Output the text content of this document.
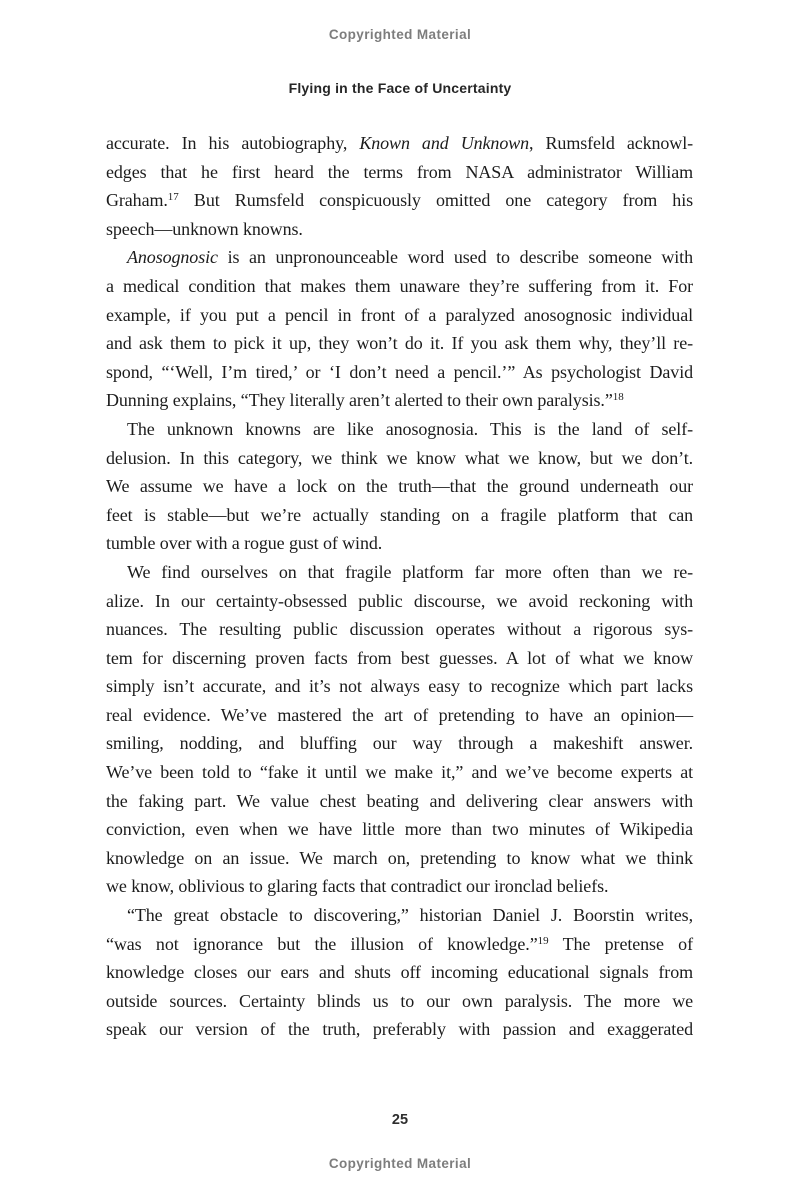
Copyrighted Material
Flying in the Face of Uncertainty
accurate. In his autobiography, Known and Unknown, Rumsfeld acknowl-
edges that he first heard the terms from NASA administrator William
Graham.$^{17}$ But Rumsfeld conspicuously omitted one category from his
speech—unknown knowns.
Anosognosic is an unpronounceable word used to describe someone with
a medical condition that makes them unaware they’re suffering from it. For
example, if you put a pencil in front of a paralyzed anosognosic individual
and ask them to pick it up, they won’t do it. If you ask them why, they’ll re-
spond, “‘Well, I’m tired,’ or ‘I don’t need a pencil.’” As psychologist David
Dunning explains, “They literally aren’t alerted to their own paralysis.”$^{18}$
The unknown knowns are like anosognosia. This is the land of self-
delusion. In this category, we think we know what we know, but we don’t.
We assume we have a lock on the truth—that the ground underneath our
feet is stable—but we’re actually standing on a fragile platform that can
tumble over with a rogue gust of wind.
We find ourselves on that fragile platform far more often than we re-
alize. In our certainty-obsessed public discourse, we avoid reckoning with
nuances. The resulting public discussion operates without a rigorous sys-
tem for discerning proven facts from best guesses. A lot of what we know
simply isn’t accurate, and it’s not always easy to recognize which part lacks
real evidence. We’ve mastered the art of pretending to have an opinion—
smiling, nodding, and bluffing our way through a makeshift answer.
We’ve been told to “fake it until we make it,” and we’ve become experts at
the faking part. We value chest beating and delivering clear answers with
conviction, even when we have little more than two minutes of Wikipedia
knowledge on an issue. We march on, pretending to know what we think
we know, oblivious to glaring facts that contradict our ironclad beliefs.
“The great obstacle to discovering,” historian Daniel J. Boorstin writes,
“was not ignorance but the illusion of knowledge.”$^{19}$ The pretense of
knowledge closes our ears and shuts off incoming educational signals from
outside sources. Certainty blinds us to our own paralysis. The more we
speak our version of the truth, preferably with passion and exaggerated
25
Copyrighted Material
